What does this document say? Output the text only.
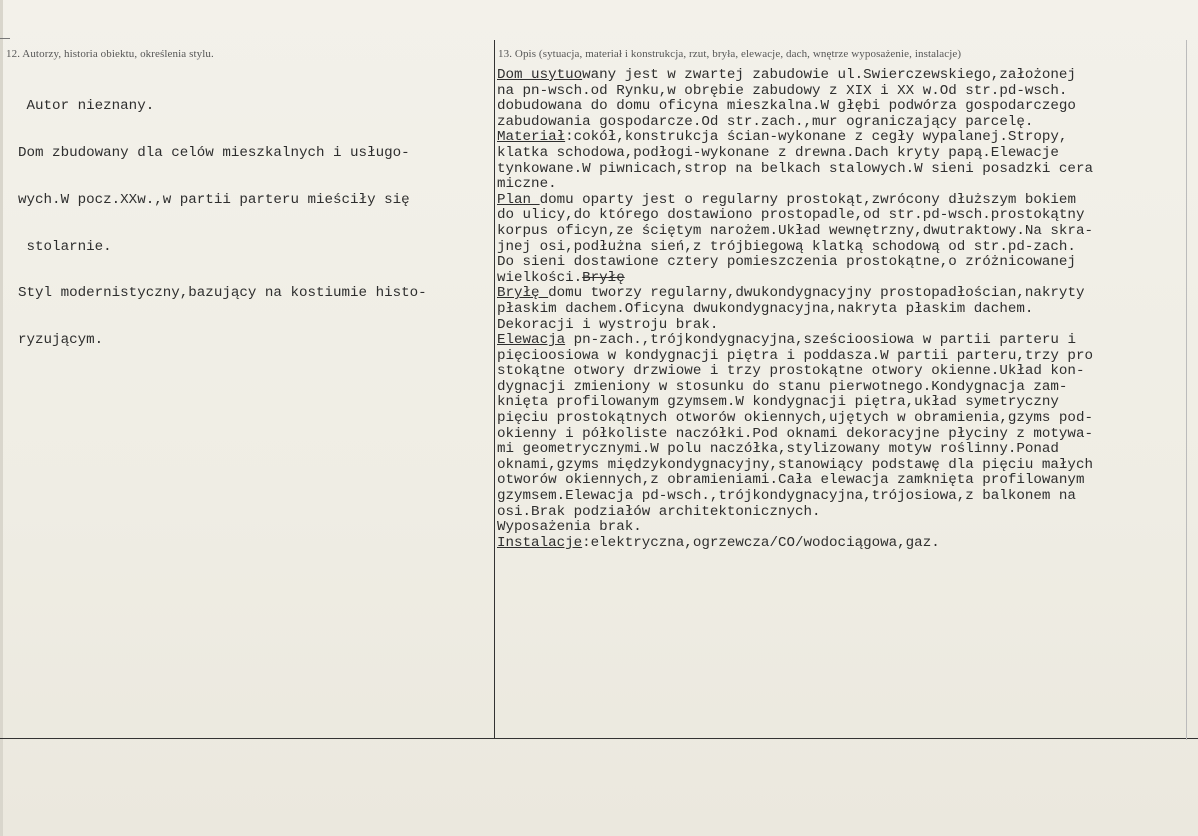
12. Autorzy, historia obiektu, określenia stylu.	13. Opis (sytuacja, materiał i konstrukcja, rzut, bryła, elewacje, dach, wnętrze wyposażenie, instalacje)

Autor nieznany.

Dom zbudowany dla celów mieszkalnych i usługo-

wych.W pocz.XXw.,w partii parteru mieściły się

stolarnie.

Styl modernistyczny,bazujący na kostiumie histo-

ryzującym.

Dom usytuowany jest w zwartej zabudowie ul.Swierczewskiego,założonej
na pn-wsch.od Rynku,w obrębie zabudowy z XIX i XX w.Od str.pd-wsch.
dobudowana do domu oficyna mieszkalna.W głębi podwórza gospodarczego
zabudowania gospodarcze.Od str.zach.,mur ograniczający parcelę.
Materiał:cokół,konstrukcja ścian-wykonane z cegły wypalanej.Stropy,
klatka schodowa,podłogi-wykonane z drewna.Dach kryty papą.Elewacje
tynkowane.W piwnicach,strop na belkach stalowych.W sieni posadzki cera
miczne.
Plan domu oparty jest o regularny prostokąt,zwrócony dłuższym bokiem
do ulicy,do którego dostawiono prostopadle,od str.pd-wsch.prostokątny
korpus oficyn,ze ściętym narożem.Układ wewnętrzny,dwutraktowy.Na skra-
jnej osi,podłużna sień,z trójbiegową klatką schodową od str.pd-zach.
Do sieni dostawione cztery pomieszczenia prostokątne,o zróżnicowanej
wielkości.Bryłę
Bryłę domu tworzy regularny,dwukondygnacyjny prostopadłościan,nakryty
płaskim dachem.Oficyna dwukondygnacyjna,nakryta płaskim dachem.
Dekoracji i wystroju brak.
Elewacja pn-zach.,trójkondygnacyjna,sześcioosiowa w partii parteru i
pięcioosiowa w kondygnacji piętra i poddasza.W partii parteru,trzy pro
stokątne otwory drzwiowe i trzy prostokątne otwory okienne.Układ kon-
dygnacji zmieniony w stosunku do stanu pierwotnego.Kondygnacja zam-
knięta profilowanym gzymsem.W kondygnacji piętra,układ symetryczny
pięciu prostokątnych otworów okiennych,ujętych w obramienia,gzyms pod-
okienny i półkoliste naczółki.Pod oknami dekoracyjne płyciny z motywa-
mi geometrycznymi.W polu naczółka,stylizowany motyw roślinny.Ponad
oknami,gzyms międzykondygnacyjny,stanowiący podstawę dla pięciu małych
otworów okiennych,z obramieniami.Cała elewacja zamknięta profilowanym
gzymsem.Elewacja pd-wsch.,trójkondygnacyjna,trójosiowa,z balkonem na
osi.Brak podziałów architektonicznych.
Wyposażenia brak.
Instalacje:elektryczna,ogrzewcza/CO/wodociągowa,gaz.
